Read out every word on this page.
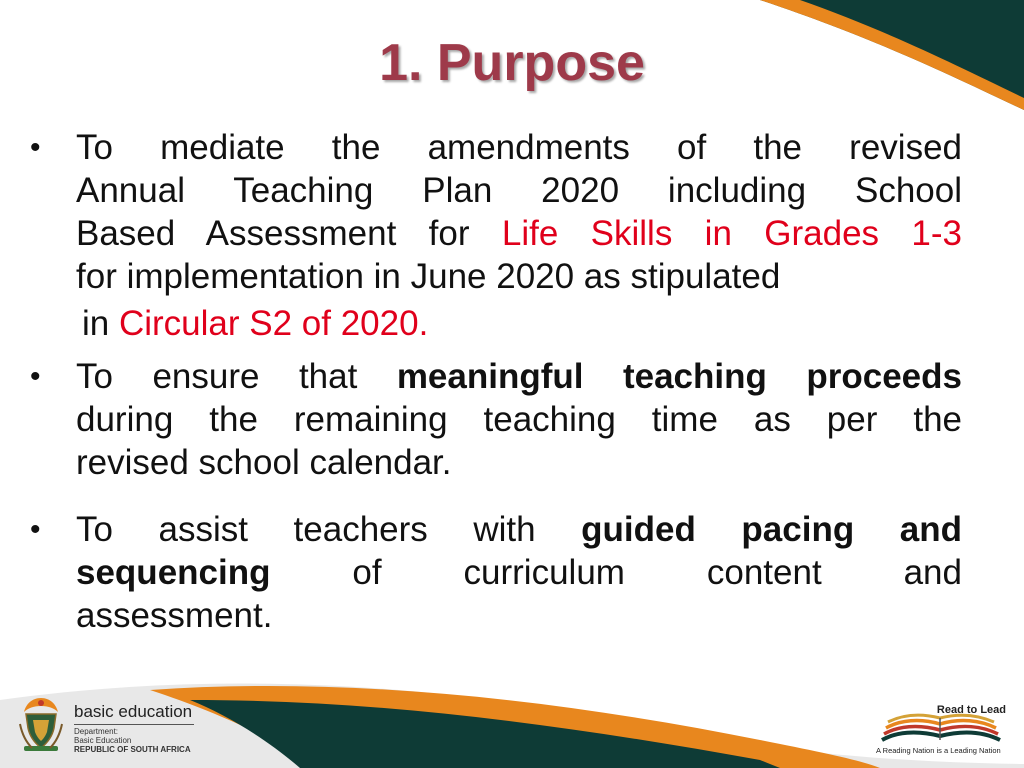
1. Purpose
•	To mediate the amendments of the revised
Annual Teaching Plan 2020 including School
Based Assessment for Life Skills in Grades 1-3
for implementation in June 2020 as stipulated
in Circular S2 of 2020.
•	To ensure that meaningful teaching proceeds
during the remaining teaching time as per the
revised school calendar.
•	To assist teachers with guided pacing and
sequencing of curriculum content and
assessment.
basic education
Department:
Basic Education
REPUBLIC OF SOUTH AFRICA
Read to Lead
A Reading Nation is a Leading Nation
